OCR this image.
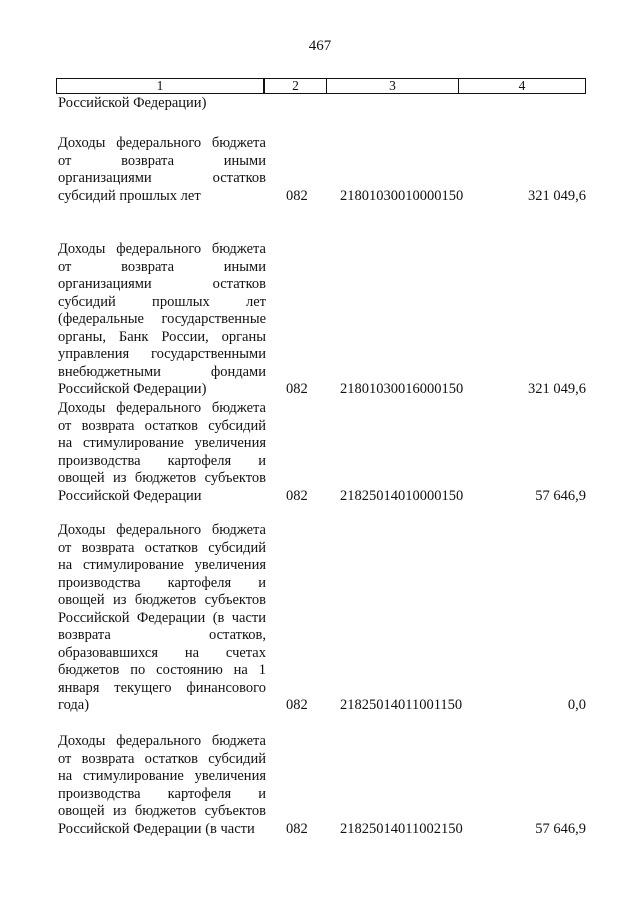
467
1	2	3	4
Российской Федерации)
Доходы федерального бюджета
от возврата иными
организациями остатков
субсидий прошлых лет	082	21801030010000150	321 049,6
Доходы федерального бюджета
от возврата иными
организациями остатков
субсидий прошлых лет
(федеральные государственные
органы, Банк России, органы
управления государственными
внебюджетными фондами
Российской Федерации)	082	21801030016000150	321 049,6
Доходы федерального бюджета
от возврата остатков субсидий
на стимулирование увеличения
производства картофеля и
овощей из бюджетов субъектов
Российской Федерации	082	21825014010000150	57 646,9
Доходы федерального бюджета
от возврата остатков субсидий
на стимулирование увеличения
производства картофеля и
овощей из бюджетов субъектов
Российской Федерации (в части
возврата остатков,
образовавшихся на счетах
бюджетов по состоянию на 1
января текущего финансового
года)	082	21825014011001150	0,0
Доходы федерального бюджета
от возврата остатков субсидий
на стимулирование увеличения
производства картофеля и
овощей из бюджетов субъектов
Российской Федерации (в части	082	21825014011002150	57 646,9
